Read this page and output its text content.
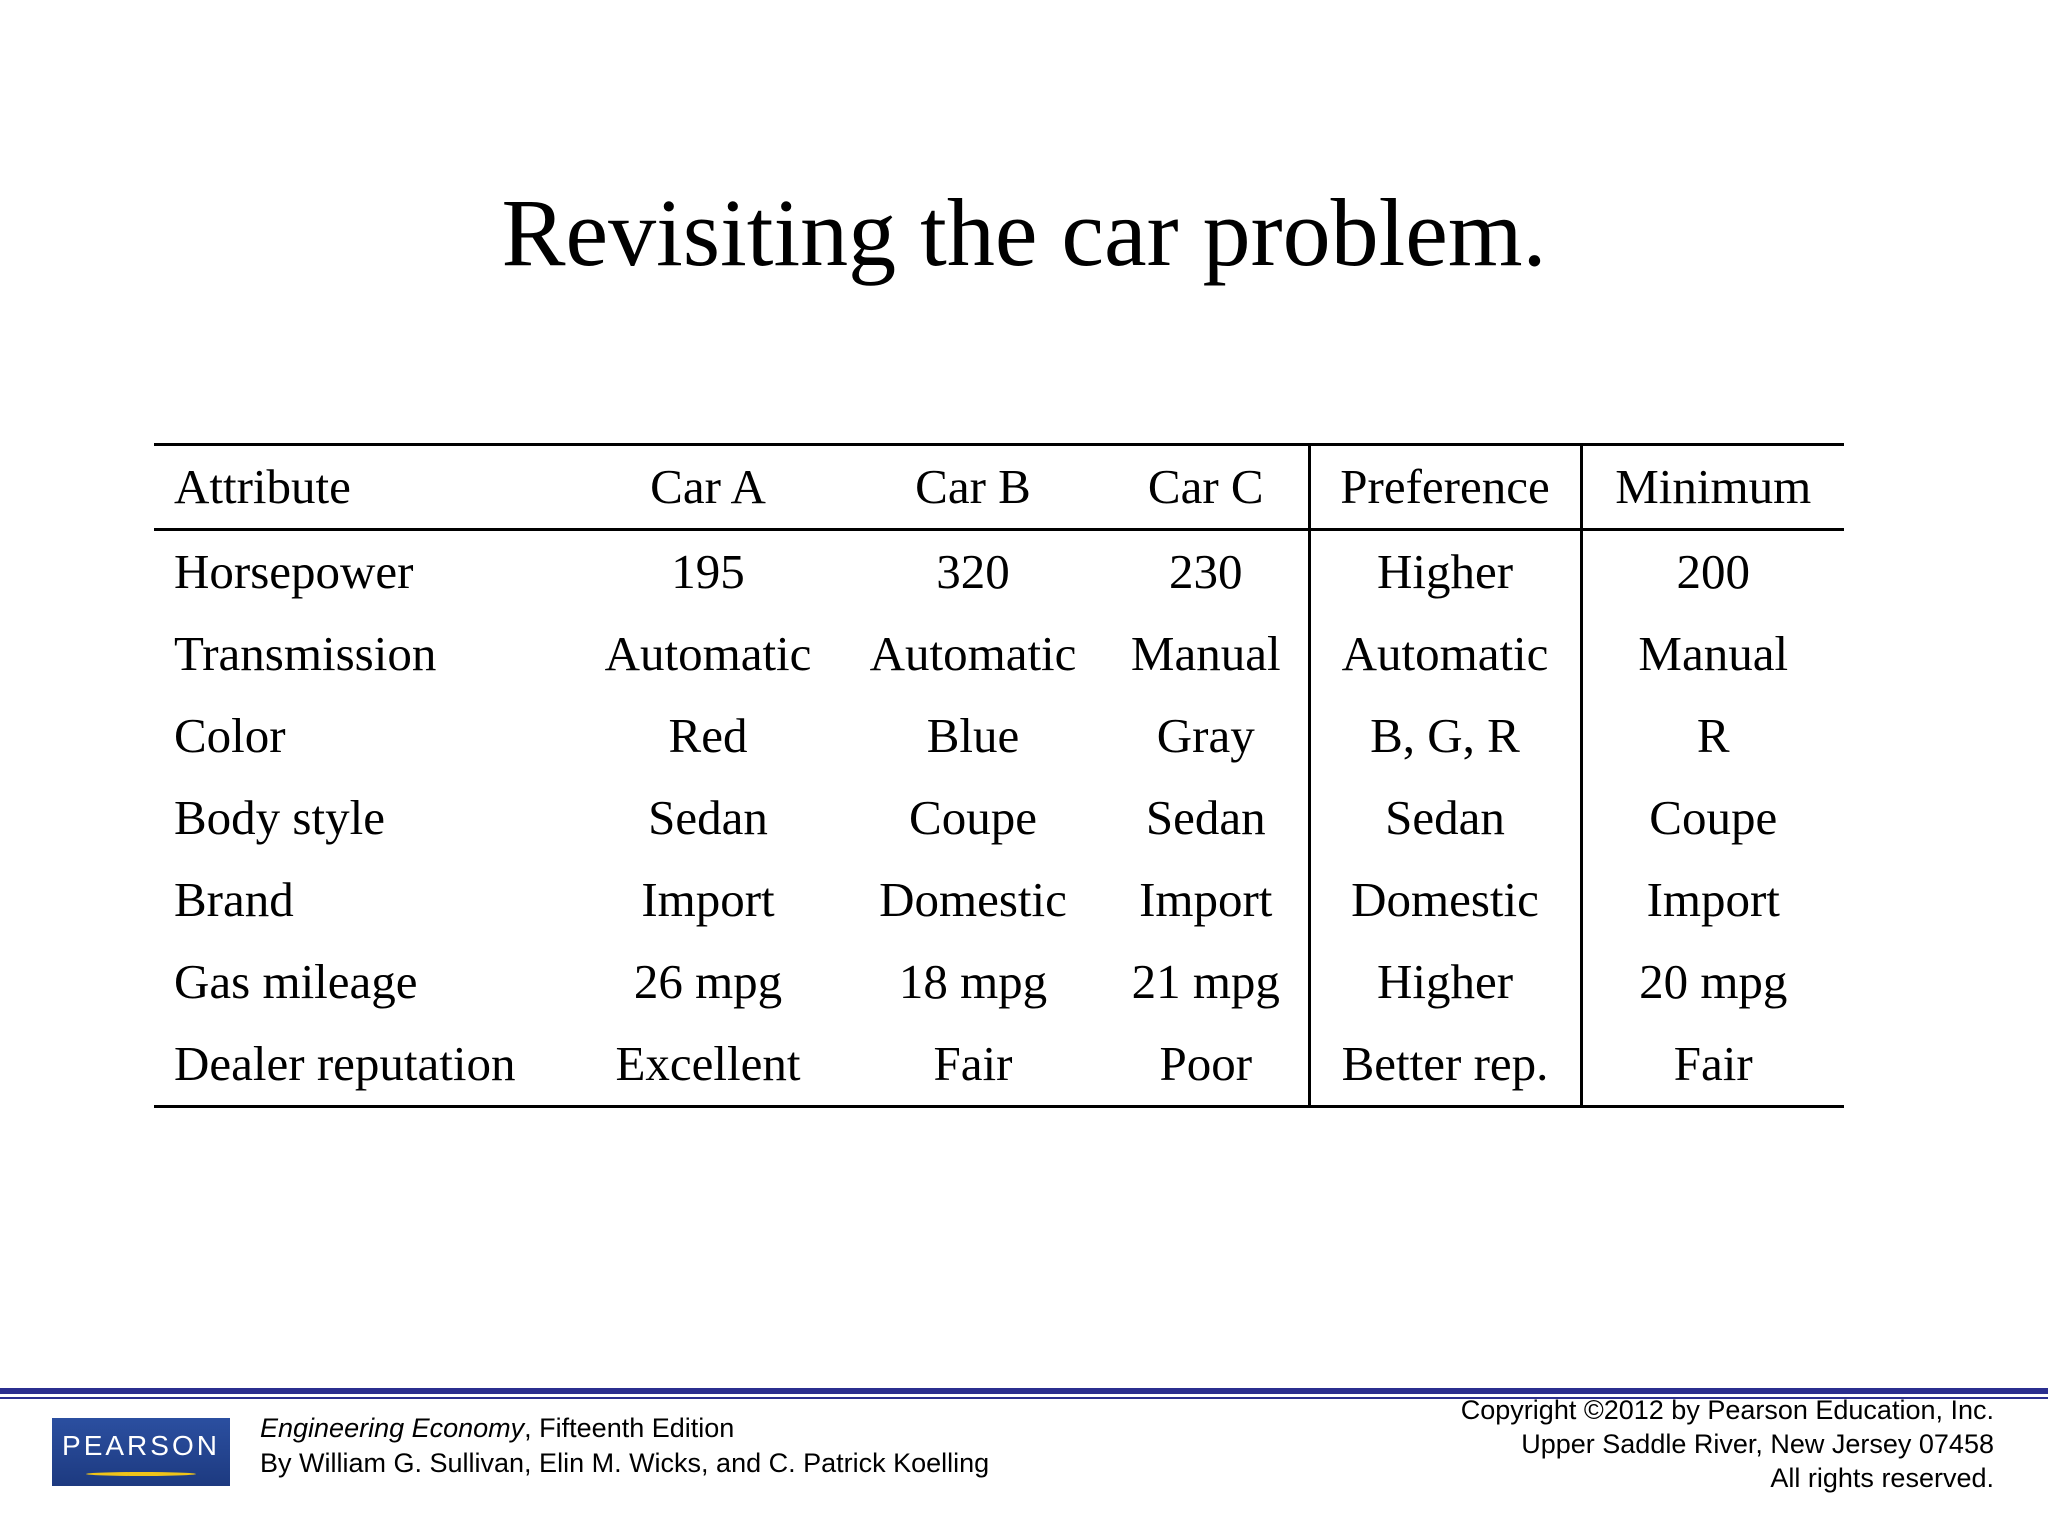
Revisiting the car problem.
Attribute	Car A	Car B	Car C	Preference	Minimum
Horsepower	195	320	230	Higher	200
Transmission	Automatic	Automatic	Manual	Automatic	Manual
Color	Red	Blue	Gray	B, G, R	R
Body style	Sedan	Coupe	Sedan	Sedan	Coupe
Brand	Import	Domestic	Import	Domestic	Import
Gas mileage	26 mpg	18 mpg	21 mpg	Higher	20 mpg
Dealer reputation	Excellent	Fair	Poor	Better rep.	Fair
PEARSON
Engineering Economy, Fifteenth Edition
By William G. Sullivan, Elin M. Wicks, and C. Patrick Koelling
Copyright ©2012 by Pearson Education, Inc.
Upper Saddle River, New Jersey 07458
All rights reserved.
